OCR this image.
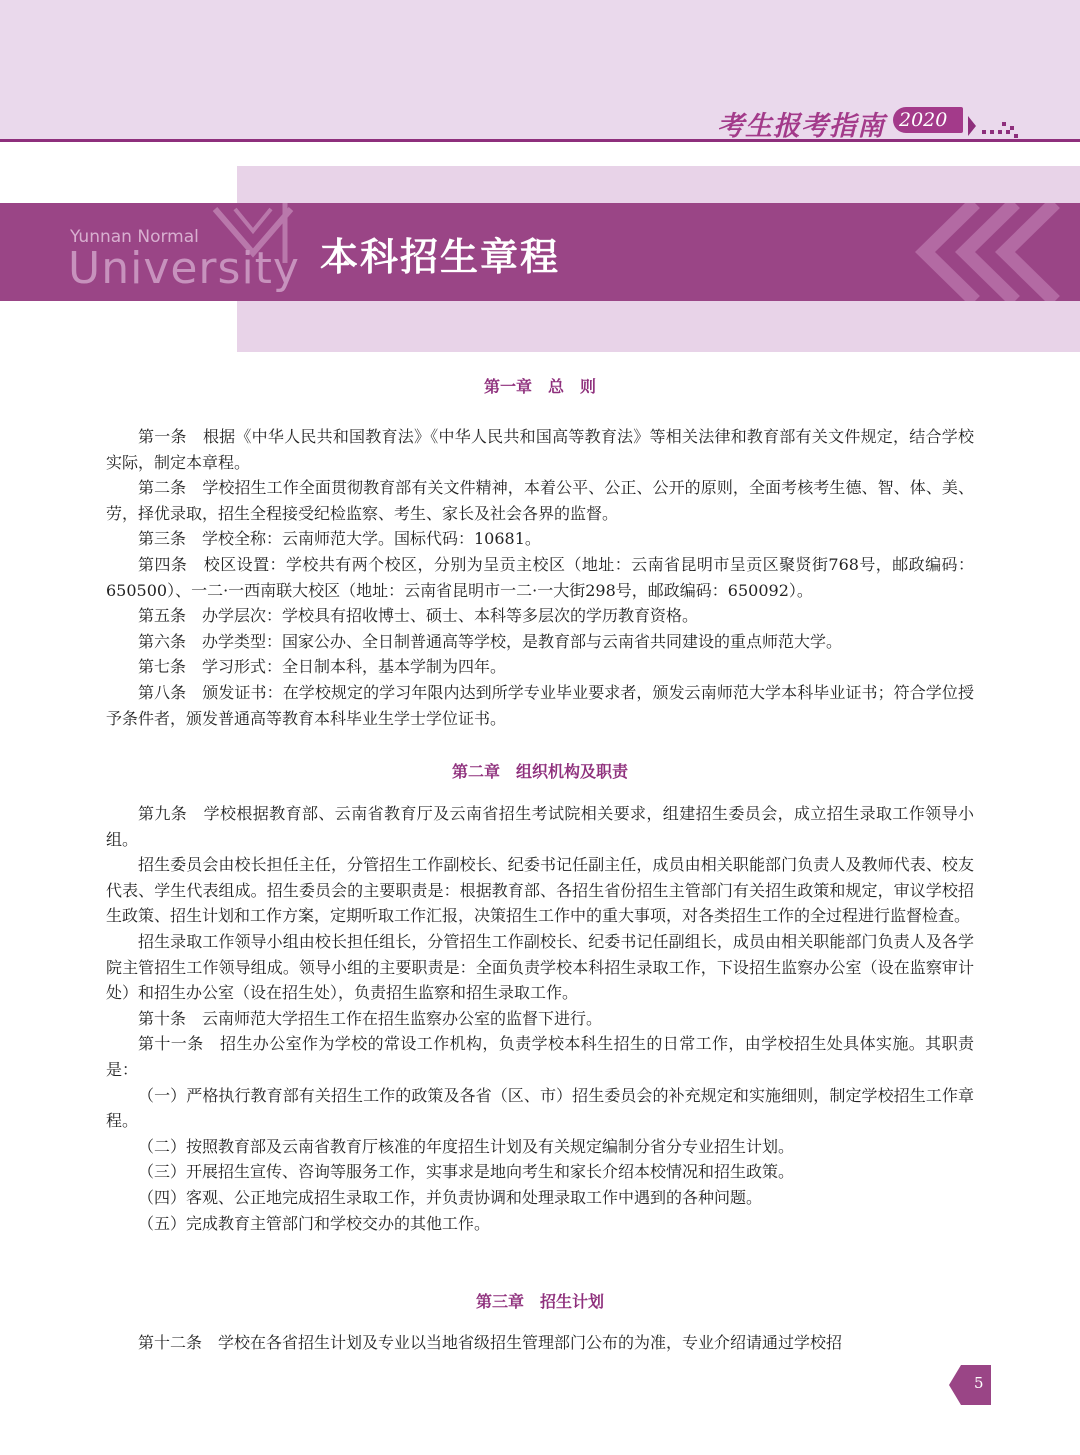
考生报考指南 2020
Yunnan Normal
University 本科招生章程
第一章　总　则

第一条　根据《中华人民共和国教育法》《中华人民共和国高等教育法》等相关法律和教育部有关文件规定，结合学校实际，制定本章程。

第二条　学校招生工作全面贯彻教育部有关文件精神，本着公平、公正、公开的原则，全面考核考生德、智、体、美、劳，择优录取，招生全程接受纪检监察、考生、家长及社会各界的监督。

第三条　学校全称：云南师范大学。国标代码：10681。

第四条　校区设置：学校共有两个校区，分别为呈贡主校区（地址：云南省昆明市呈贡区聚贤街768号，邮政编码：650500）、一二·一西南联大校区（地址：云南省昆明市一二·一大街298号，邮政编码：650092）。

第五条　办学层次：学校具有招收博士、硕士、本科等多层次的学历教育资格。

第六条　办学类型：国家公办、全日制普通高等学校，是教育部与云南省共同建设的重点师范大学。

第七条　学习形式：全日制本科，基本学制为四年。

第八条　颁发证书：在学校规定的学习年限内达到所学专业毕业要求者，颁发云南师范大学本科毕业证书；符合学位授予条件者，颁发普通高等教育本科毕业生学士学位证书。

第二章　组织机构及职责

第九条　学校根据教育部、云南省教育厅及云南省招生考试院相关要求，组建招生委员会，成立招生录取工作领导小组。

招生委员会由校长担任主任，分管招生工作副校长、纪委书记任副主任，成员由相关职能部门负责人及教师代表、校友代表、学生代表组成。招生委员会的主要职责是：根据教育部、各招生省份招生主管部门有关招生政策和规定，审议学校招生政策、招生计划和工作方案，定期听取工作汇报，决策招生工作中的重大事项，对各类招生工作的全过程进行监督检查。

招生录取工作领导小组由校长担任组长，分管招生工作副校长、纪委书记任副组长，成员由相关职能部门负责人及各学院主管招生工作领导组成。领导小组的主要职责是：全面负责学校本科招生录取工作，下设招生监察办公室（设在监察审计处）和招生办公室（设在招生处），负责招生监察和招生录取工作。

第十条　云南师范大学招生工作在招生监察办公室的监督下进行。

第十一条　招生办公室作为学校的常设工作机构，负责学校本科生招生的日常工作，由学校招生处具体实施。其职责是：

（一）严格执行教育部有关招生工作的政策及各省（区、市）招生委员会的补充规定和实施细则，制定学校招生工作章程。

（二）按照教育部及云南省教育厅核准的年度招生计划及有关规定编制分省分专业招生计划。

（三）开展招生宣传、咨询等服务工作，实事求是地向考生和家长介绍本校情况和招生政策。

（四）客观、公正地完成招生录取工作，并负责协调和处理录取工作中遇到的各种问题。

（五）完成教育主管部门和学校交办的其他工作。

第三章　招生计划

第十二条　学校在各省招生计划及专业以当地省级招生管理部门公布的为准，专业介绍请通过学校招

5
